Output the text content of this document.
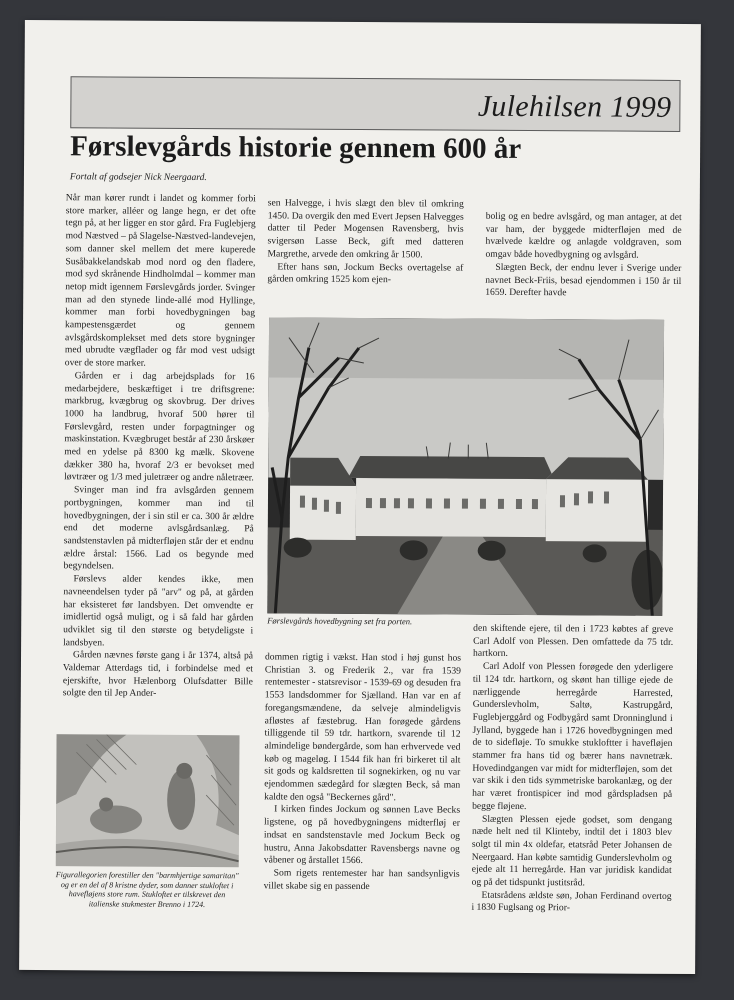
Julehilsen 1999
Førslevgårds historie gennem 600 år
Fortalt af godsejer Nick Neergaard.

Når man kører rundt i landet og kommer forbi store marker, alléer og lange hegn, er det ofte tegn på, at her ligger en stor gård. Fra Fuglebjerg mod Næstved – på Slagelse-Næstved-landevejen, som danner skel mellem det mere kuperede Susåbakkelandskab mod nord og den fladere, mod syd skrånende Hindholmdal – kommer man netop midt igennem Førslevgårds jorder. Svinger man ad den stynede linde-allé mod Hyllinge, kommer man forbi hovedbygningen bag kampestensgærdet og gennem avlsgårdskomplekset med dets store bygninger med ubrudte vægflader og får mod vest udsigt over de store marker.

Gården er i dag arbejdsplads for 16 medarbejdere, beskæftiget i tre driftsgrene: markbrug, kvægbrug og skovbrug. Der drives 1000 ha landbrug, hvoraf 500 hører til Førslevgård, resten under forpagtninger og maskinstation. Kvægbruget består af 230 årskøer med en ydelse på 8300 kg mælk. Skovene dækker 380 ha, hvoraf 2/3 er bevokset med løvtræer og 1/3 med juletræer og andre nåletræer.

Svinger man ind fra avlsgården gennem portbygningen, kommer man ind til hovedbygningen, der i sin stil er ca. 300 år ældre end det moderne avlsgårdsanlæg. På sandstenstavlen på midterfløjen står der et endnu ældre årstal: 1566. Lad os begynde med begyndelsen.

Førslevs alder kendes ikke, men navneendelsen tyder på "arv" og på, at gården har eksisteret før landsbyen. Det omvendte er imidlertid også muligt, og i så fald har gården udviklet sig til den største og betydeligste i landsbyen.

Gården nævnes første gang i år 1374, altså på Valdemar Atterdags tid, i forbindelse med et ejerskifte, hvor Hælenborg Olufsdatter Bille solgte den til Jep Ander-

sen Halvegge, i hvis slægt den blev til omkring 1450. Da overgik den med Evert Jepsen Halvegges datter til Peder Mogensen Ravensberg, hvis svigersøn Lasse Beck, gift med datteren Margrethe, arvede den omkring år 1500.

Efter hans søn, Jockum Becks overtagelse af gården omkring 1525 kom ejen-

bolig og en bedre avlsgård, og man antager, at det var ham, der byggede midterfløjen med de hvælvede kældre og anlagde voldgraven, som omgav både hovedbygning og avlsgård.

Slægten Beck, der endnu lever i Sverige under navnet Beck-Friis, besad ejendommen i 150 år til 1659. Derefter havde

Førslevgårds hovedbygning set fra porten.

dommen rigtig i vækst. Han stod i høj gunst hos Christian 3. og Frederik 2., var fra 1539 rentemester - statsrevisor - 1539-69 og desuden fra 1553 landsdommer for Sjælland. Han var en af foregangsmændene, da selveje almindeligvis afløstes af fæstebrug. Han forøgede gårdens tilliggende til 59 tdr. hartkorn, svarende til 12 almindelige bøndergårde, som han erhvervede ved køb og mageløg. I 1544 fik han fri birkeret til alt sit gods og kaldsretten til sognekirken, og nu var ejendommen sædegård for slægten Beck, så man kaldte den også "Beckernes gård".

I kirken findes Jockum og sønnen Lave Becks ligstene, og på hovedbygningens midterfløj er indsat en sandstenstavle med Jockum Beck og hustru, Anna Jakobsdatter Ravensbergs navne og våbener og årstallet 1566.

Som rigets rentemester har han sandsynligvis villet skabe sig en passende

den skiftende ejere, til den i 1723 købtes af greve Carl Adolf von Plessen. Den omfattede da 75 tdr. hartkorn.

Carl Adolf von Plessen forøgede den yderligere til 124 tdr. hartkorn, og skønt han tillige ejede de nærliggende herregårde Harrested, Gunderslevholm, Saltø, Kastrupgård, Fuglebjerggård og Fodbygård samt Dronninglund i Jylland, byggede han i 1726 hovedbygningen med de to sidefløje. To smukke stukloftter i havefløjen stammer fra hans tid og bærer hans navnetræk. Hovedindgangen var midt for midterfløjen, som det var skik i den tids symmetriske barokanlæg, og der har været frontispicer ind mod gårdspladsen på begge fløjene.

Slægten Plessen ejede godset, som dengang næde helt ned til Klinteby, indtil det i 1803 blev solgt til min 4x oldefar, etatsråd Peter Johansen de Neergaard. Han købte samtidig Gunderslevholm og ejede alt 11 herregårde. Han var juridisk kandidat og på det tidspunkt justitsråd.

Etatsrådens ældste søn, Johan Ferdinand overtog i 1830 Fuglsang og Prior-

Figurallegorien forestiller den "barmhjertige samaritan" og er en del af 8 kristne dyder, som danner stukloftet i havefløjens store rum. Stukloftet er tilskrevet den italienske stukmester Brenno i 1724.
